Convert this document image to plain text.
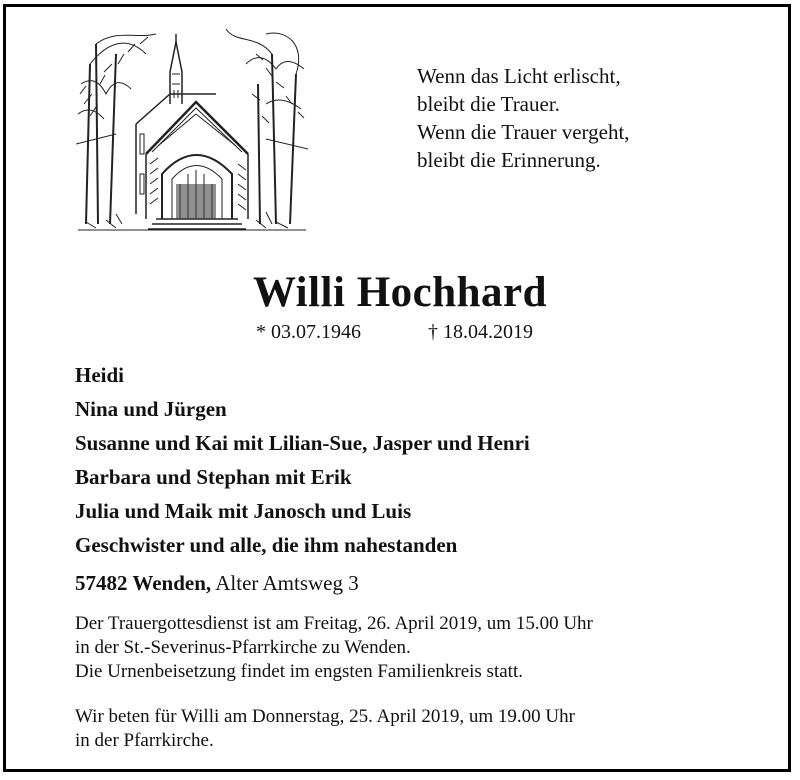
Wenn das Licht erlischt,
bleibt die Trauer.
Wenn die Trauer vergeht,
bleibt die Erinnerung.
Willi Hochhard
* 03.07.1946	† 18.04.2019
Heidi
Nina und Jürgen
Susanne und Kai mit Lilian-Sue, Jasper und Henri
Barbara und Stephan mit Erik
Julia und Maik mit Janosch und Luis
Geschwister und alle, die ihm nahestanden
57482 Wenden, Alter Amtsweg 3
Der Trauergottesdienst ist am Freitag, 26. April 2019, um 15.00 Uhr
in der St.-Severinus-Pfarrkirche zu Wenden.
Die Urnenbeisetzung findet im engsten Familienkreis statt.
Wir beten für Willi am Donnerstag, 25. April 2019, um 19.00 Uhr
in der Pfarrkirche.
